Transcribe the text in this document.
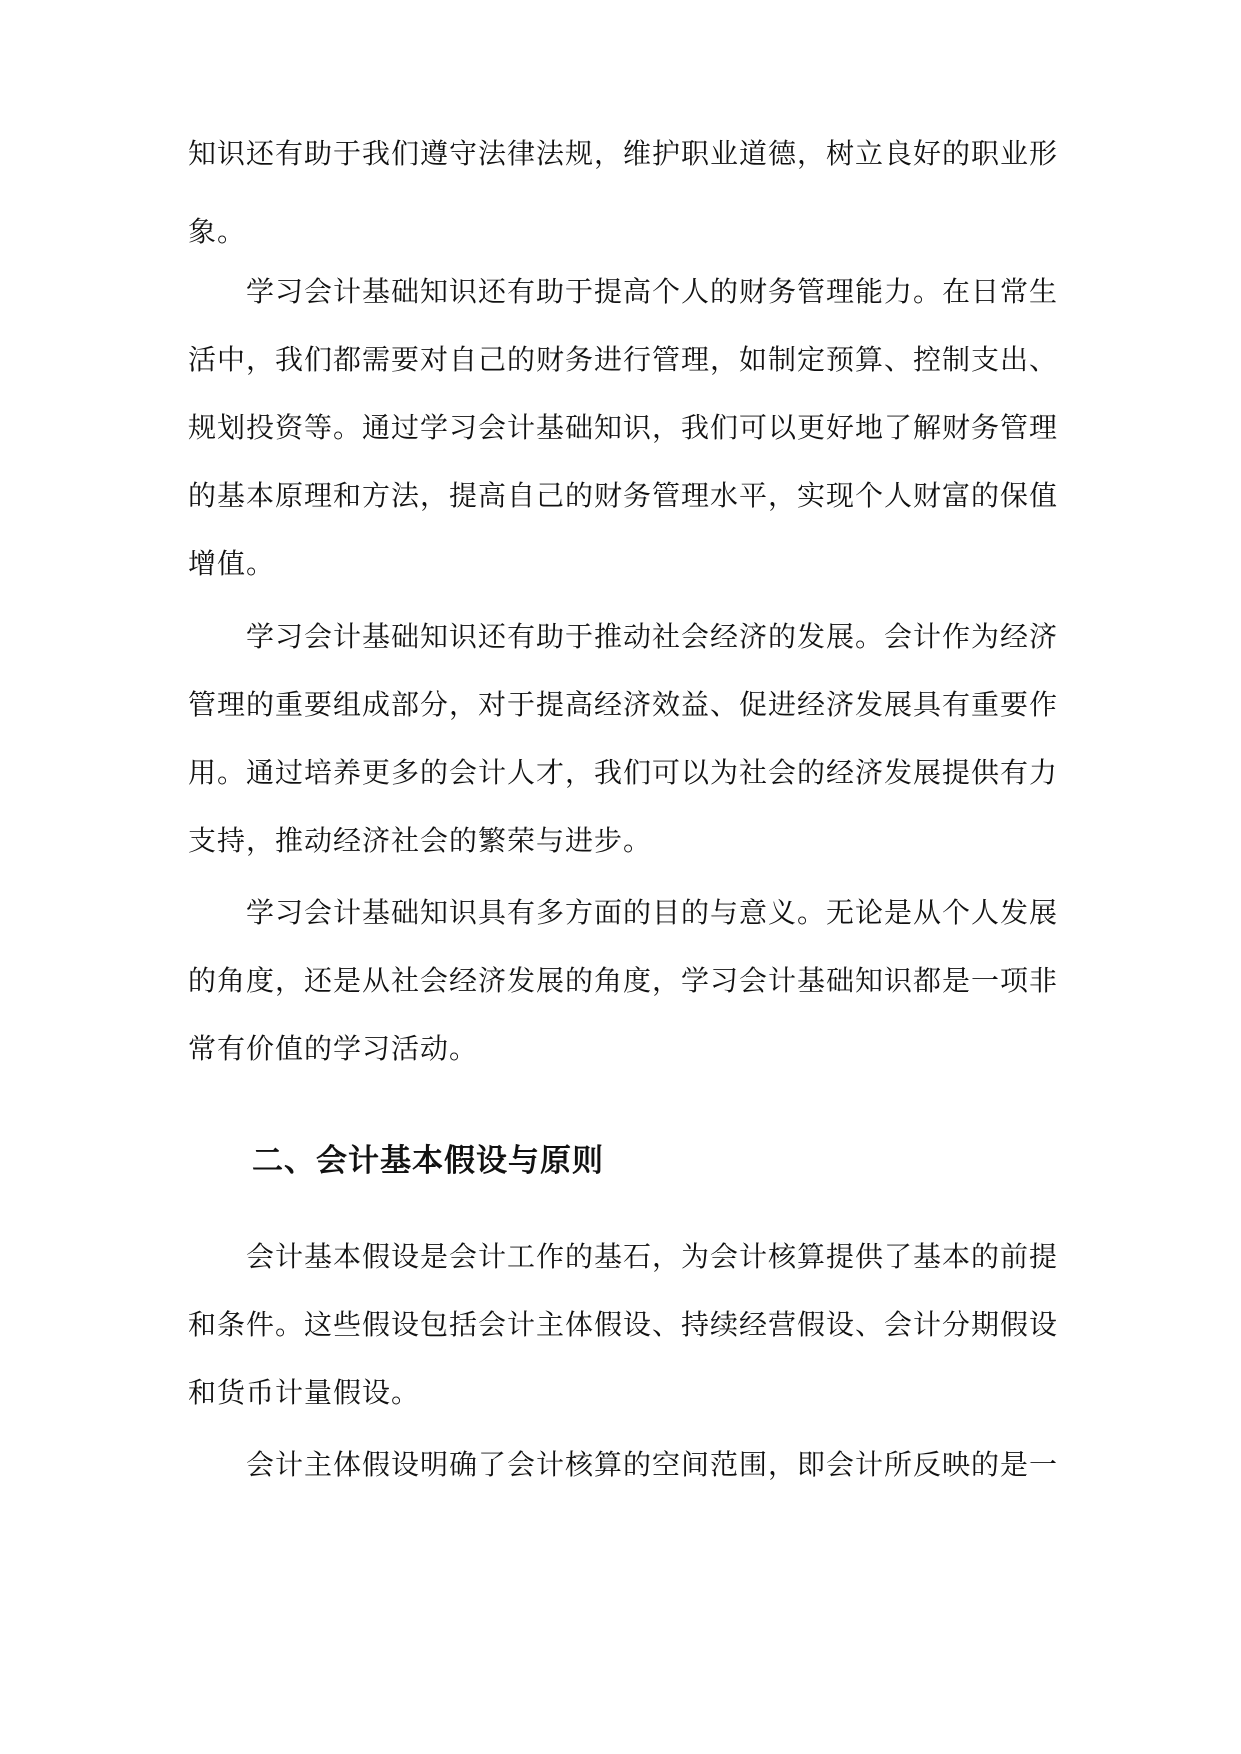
知识还有助于我们遵守法律法规，维护职业道德，树立良好的职业形
象。
学习会计基础知识还有助于提高个人的财务管理能力。在日常生
活中，我们都需要对自己的财务进行管理，如制定预算、控制支出、
规划投资等。通过学习会计基础知识，我们可以更好地了解财务管理
的基本原理和方法，提高自己的财务管理水平，实现个人财富的保值
增值。
学习会计基础知识还有助于推动社会经济的发展。会计作为经济
管理的重要组成部分，对于提高经济效益、促进经济发展具有重要作
用。通过培养更多的会计人才，我们可以为社会的经济发展提供有力
支持，推动经济社会的繁荣与进步。
学习会计基础知识具有多方面的目的与意义。无论是从个人发展
的角度，还是从社会经济发展的角度，学习会计基础知识都是一项非
常有价值的学习活动。
二、会计基本假设与原则
会计基本假设是会计工作的基石，为会计核算提供了基本的前提
和条件。这些假设包括会计主体假设、持续经营假设、会计分期假设
和货币计量假设。
会计主体假设明确了会计核算的空间范围，即会计所反映的是一
